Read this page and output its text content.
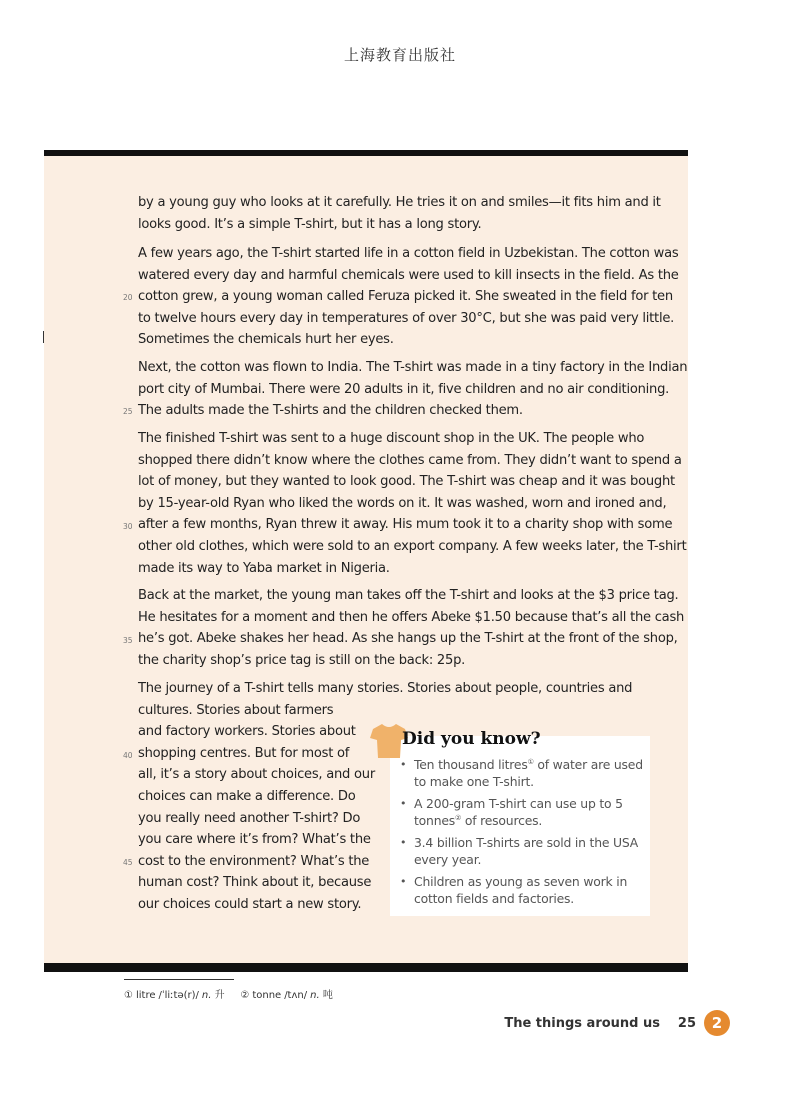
上海教育出版社

by a young guy who looks at it carefully. He tries it on and smiles—it fits him and it
looks good. It’s a simple T-shirt, but it has a long story.

A few years ago, the T-shirt started life in a cotton field in Uzbekistan. The cotton was
watered every day and harmful chemicals were used to kill insects in the field. As the
cotton grew, a young woman called Feruza picked it. She sweated in the field for ten
to twelve hours every day in temperatures of over 30°C, but she was paid very little.
Sometimes the chemicals hurt her eyes.

Next, the cotton was flown to India. The T-shirt was made in a tiny factory in the Indian
port city of Mumbai. There were 20 adults in it, five children and no air conditioning.
The adults made the T-shirts and the children checked them.

The finished T-shirt was sent to a huge discount shop in the UK. The people who
shopped there didn’t know where the clothes came from. They didn’t want to spend a
lot of money, but they wanted to look good. The T-shirt was cheap and it was bought
by 15-year-old Ryan who liked the words on it. It was washed, worn and ironed and,
after a few months, Ryan threw it away. His mum took it to a charity shop with some
other old clothes, which were sold to an export company. A few weeks later, the T-shirt
made its way to Yaba market in Nigeria.

Back at the market, the young man takes off the T-shirt and looks at the $3 price tag.
He hesitates for a moment and then he offers Abeke $1.50 because that’s all the cash
he’s got. Abeke shakes her head. As she hangs up the T-shirt at the front of the shop,
the charity shop’s price tag is still on the back: 25p.

The journey of a T-shirt tells many stories. Stories about people, countries and
cultures. Stories about farmers
and factory workers. Stories about
shopping centres. But for most of
all, it’s a story about choices, and our
choices can make a difference. Do
you really need another T-shirt? Do
you care where it’s from? What’s the
cost to the environment? What’s the
human cost? Think about it, because
our choices could start a new story.

20
25
30
35
40
45
Did you know?
• Ten thousand litres① of water are used to make one T-shirt.
• A 200-gram T-shirt can use up to 5 tonnes② of resources.
• 3.4 billion T-shirts are sold in the USA every year.
• Children as young as seven work in cotton fields and factories.
① litre /ˈliːtə(r)/ n. 升 ② tonne /tʌn/ n. 吨
The things around us 25	2
